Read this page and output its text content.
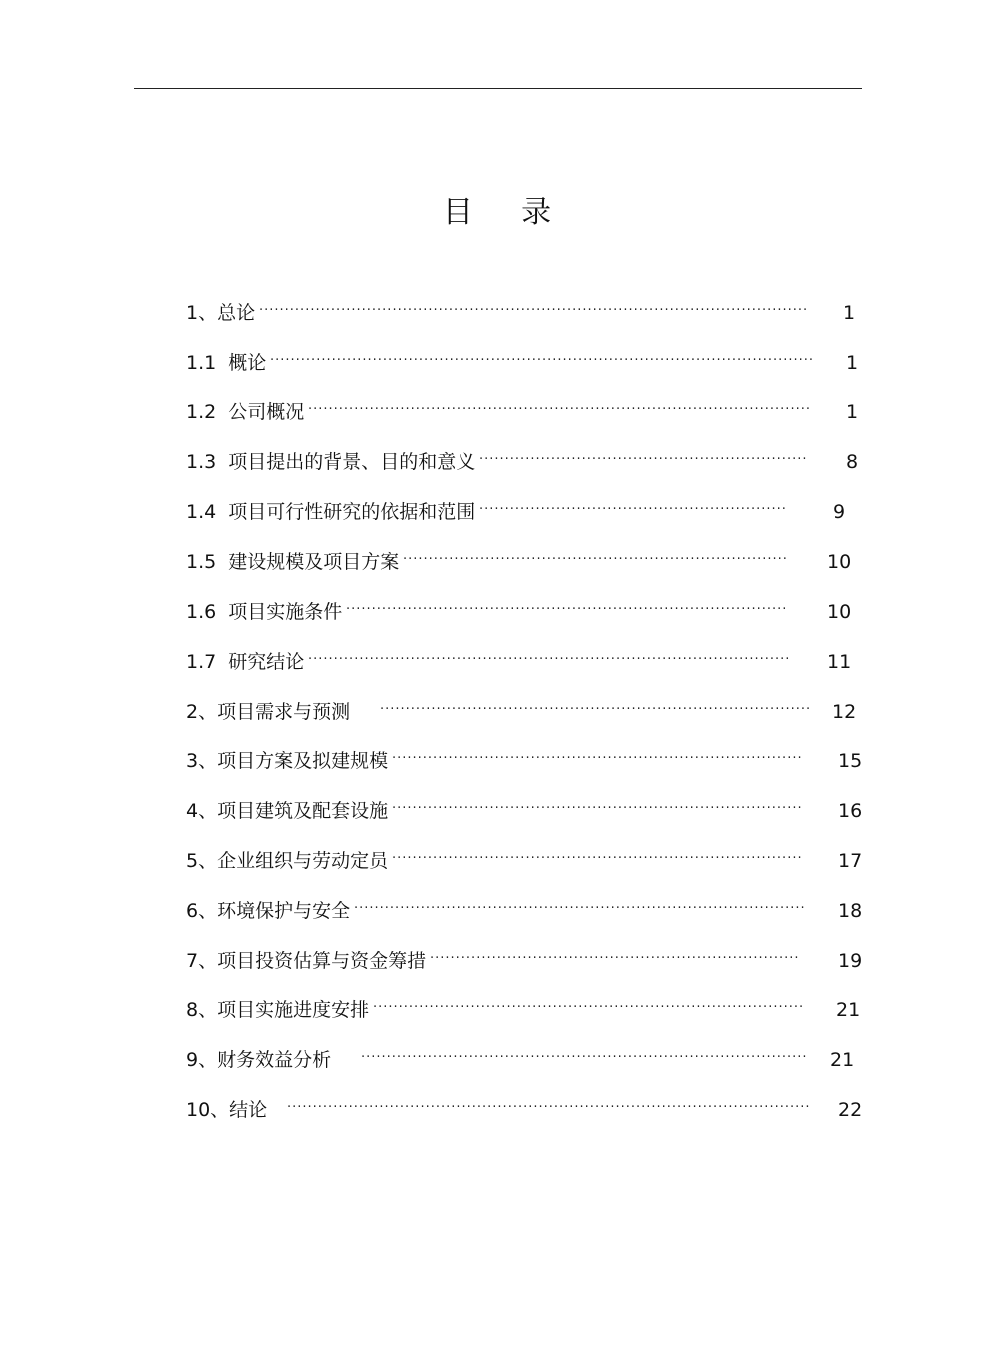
目    录
1、总论 ··········································································································· 1
1.1  概论 ·········································································································· 1
1.2  公司概况 ·································································································· 1
1.3  项目提出的背景、目的和意义 ································································ 8
1.4  项目可行性研究的依据和范围 ···························································· 9
1.5  建设规模及项目方案 ··········································································· 10
1.6  项目实施条件 ······················································································ 10
1.7  研究结论 ······························································································ 11
2、项目需求与预测 ···················································································· 12
3、项目方案及拟建规模 ················································································ 15
4、项目建筑及配套设施 ················································································ 16
5、企业组织与劳动定员 ················································································ 17
6、环境保护与安全 ························································································ 18
7、项目投资估算与资金筹措 ········································································ 19
8、项目实施进度安排 ···················································································· 21
9、财务效益分析 ······················································································· 21
10、结论 ······································································································ 22
